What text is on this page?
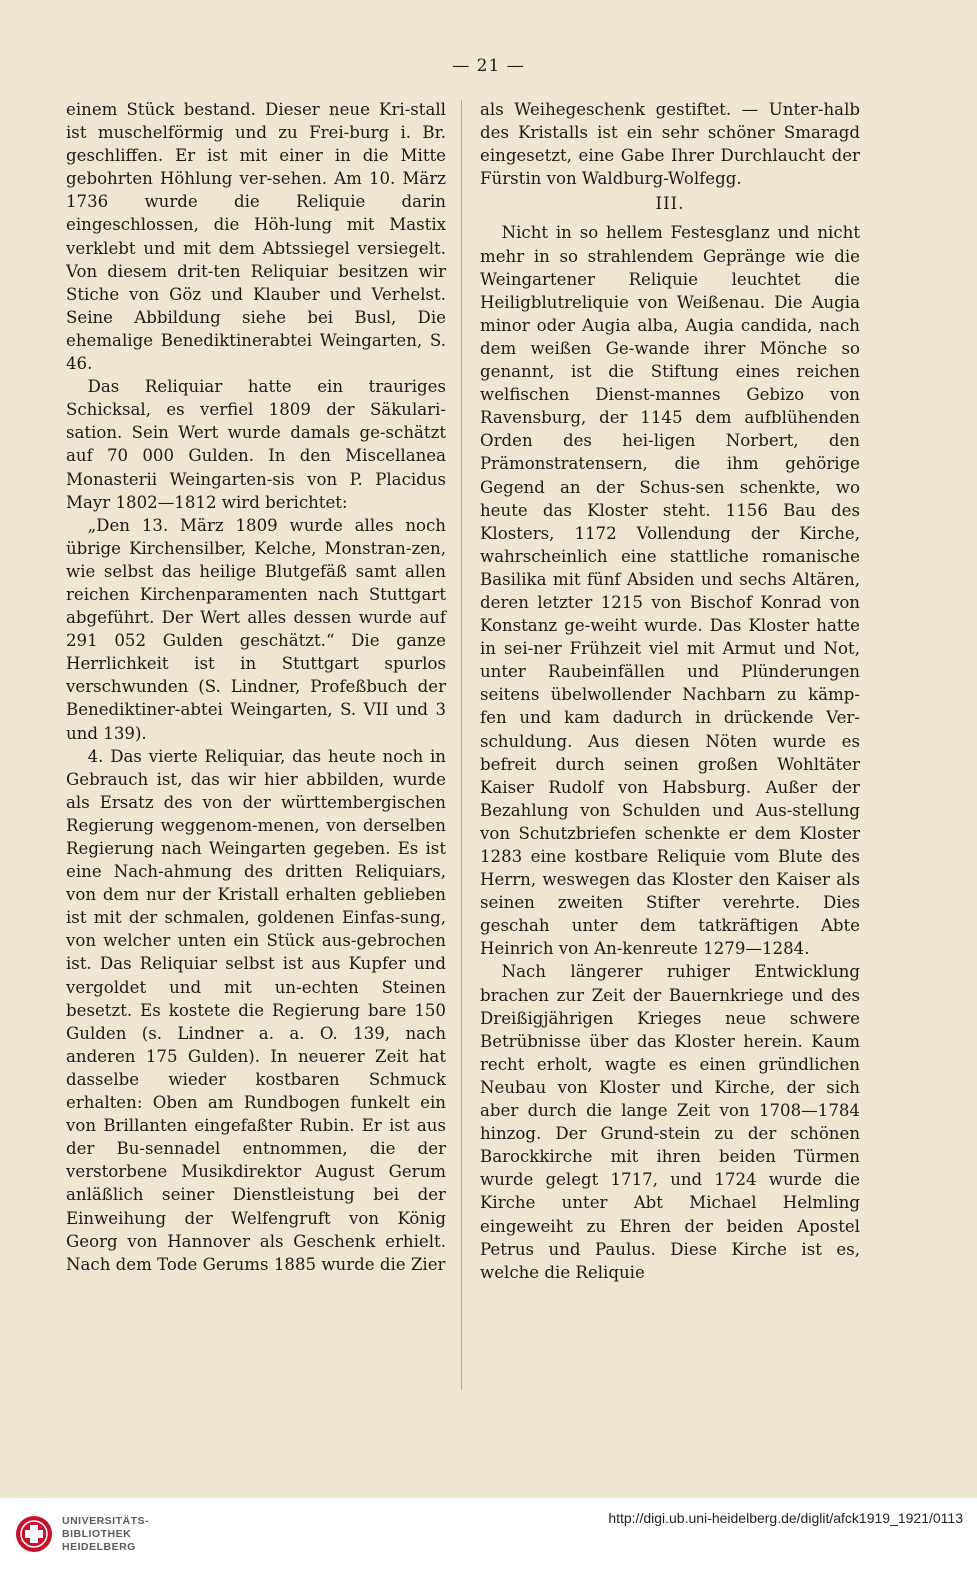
— 21 —

einem Stück bestand. Dieser neue Kri-stall ist muschelförmig und zu Frei-burg i. Br. geschliffen. Er ist mit einer in die Mitte gebohrten Höhlung ver-sehen. Am 10. März 1736 wurde die Reliquie darin eingeschlossen, die Höh-lung mit Mastix verklebt und mit dem Abtssiegel versiegelt. Von diesem drit-ten Reliquiar besitzen wir Stiche von Göz und Klauber und Verhelst. Seine Abbildung siehe bei Busl, Die ehemalige Benediktinerabtei Weingarten, S. 46.

Das Reliquiar hatte ein trauriges Schicksal, es verfiel 1809 der Säkulari-sation. Sein Wert wurde damals ge-schätzt auf 70 000 Gulden. In den Miscellanea Monasterii Weingarten-sis von P. Placidus Mayr 1802—1812 wird berichtet:

„Den 13. März 1809 wurde alles noch übrige Kirchensilber, Kelche, Monstran-zen, wie selbst das heilige Blutgefäß samt allen reichen Kirchenparamenten nach Stuttgart abgeführt. Der Wert alles dessen wurde auf 291 052 Gulden geschätzt.“ Die ganze Herrlichkeit ist in Stuttgart spurlos verschwunden (S. Lindner, Profeßbuch der Benediktiner-abtei Weingarten, S. VII und 3 und 139).

4. Das vierte Reliquiar, das heute noch in Gebrauch ist, das wir hier abbilden, wurde als Ersatz des von der württembergischen Regierung weggenom-menen, von derselben Regierung nach Weingarten gegeben. Es ist eine Nach-ahmung des dritten Reliquiars, von dem nur der Kristall erhalten geblieben ist mit der schmalen, goldenen Einfas-sung, von welcher unten ein Stück aus-gebrochen ist. Das Reliquiar selbst ist aus Kupfer und vergoldet und mit un-echten Steinen besetzt. Es kostete die Regierung bare 150 Gulden (s. Lindner a. a. O. 139, nach anderen 175 Gulden). In neuerer Zeit hat dasselbe wieder kostbaren Schmuck erhalten: Oben am Rundbogen funkelt ein von Brillanten eingefaßter Rubin. Er ist aus der Bu-sennadel entnommen, die der verstorbene Musikdirektor August Gerum anläßlich seiner Dienstleistung bei der Einweihung der Welfengruft von König Georg von Hannover als Geschenk erhielt. Nach dem Tode Gerums 1885 wurde die Zier

als Weihegeschenk gestiftet. — Unter-halb des Kristalls ist ein sehr schöner Smaragd eingesetzt, eine Gabe Ihrer Durchlaucht der Fürstin von Waldburg-Wolfegg.

III.

Nicht in so hellem Festesglanz und nicht mehr in so strahlendem Gepränge wie die Weingartener Reliquie leuchtet die Heiligblutreliquie von Weißenau. Die Augia minor oder Augia alba, Augia candida, nach dem weißen Ge-wande ihrer Mönche so genannt, ist die Stiftung eines reichen welfischen Dienst-mannes Gebizo von Ravensburg, der 1145 dem aufblühenden Orden des hei-ligen Norbert, den Prämonstratensern, die ihm gehörige Gegend an der Schus-sen schenkte, wo heute das Kloster steht. 1156 Bau des Klosters, 1172 Vollendung der Kirche, wahrscheinlich eine stattliche romanische Basilika mit fünf Absiden und sechs Altären, deren letzter 1215 von Bischof Konrad von Konstanz ge-weiht wurde. Das Kloster hatte in sei-ner Frühzeit viel mit Armut und Not, unter Raubeinfällen und Plünderungen seitens übelwollender Nachbarn zu kämp-fen und kam dadurch in drückende Ver-schuldung. Aus diesen Nöten wurde es befreit durch seinen großen Wohltäter Kaiser Rudolf von Habsburg. Außer der Bezahlung von Schulden und Aus-stellung von Schutzbriefen schenkte er dem Kloster 1283 eine kostbare Reliquie vom Blute des Herrn, weswegen das Kloster den Kaiser als seinen zweiten Stifter verehrte. Dies geschah unter dem tatkräftigen Abte Heinrich von An-kenreute 1279—1284.

Nach längerer ruhiger Entwicklung brachen zur Zeit der Bauernkriege und des Dreißigjährigen Krieges neue schwere Betrübnisse über das Kloster herein. Kaum recht erholt, wagte es einen gründlichen Neubau von Kloster und Kirche, der sich aber durch die lange Zeit von 1708—1784 hinzog. Der Grund-stein zu der schönen Barockkirche mit ihren beiden Türmen wurde gelegt 1717, und 1724 wurde die Kirche unter Abt Michael Helmling eingeweiht zu Ehren der beiden Apostel Petrus und Paulus. Diese Kirche ist es, welche die Reliquie

UNIVERSITÄTS-
BIBLIOTHEK
HEIDELBERG
http://digi.ub.uni-heidelberg.de/diglit/afck1919_1921/0113
